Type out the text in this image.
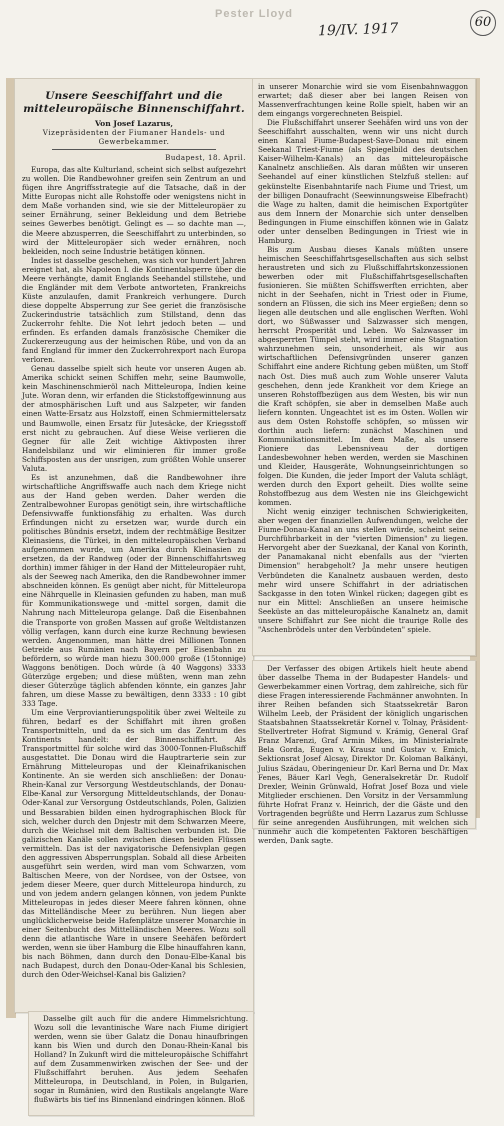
Pester Lloyd
19/IV. 1917	60
Unsere Seeschiffahrt und die mitteleuropäische Binnenschiffahrt.
Von Josef Lazarus,
Vizepräsidenten der Fiumaner Handels- und Gewerbekammer.
Budapest, 18. April.

Europa, das alte Kulturland, scheint sich selbst aufgezehrt zu wollen. Die Randbewohner greifen sein Zentrum an und fügen ihre Angriffsstrategie auf die Tatsache, daß in der Mitte Europas nicht alle Rohstoffe oder wenigstens nicht in dem Maße vorhanden sind, wie sie der Mitteleuropäer zu seiner Ernährung, seiner Bekleidung und dem Betriebe seines Gewerbes benötigt. Gelingt es — so dachte man —, die Meere abzusperren, die Seeschiffahrt zu unterbinden, so wird der Mitteleuropäer sich weder ernähren, noch bekleiden, noch seine Industrie betätigen können.

Indes ist dasselbe geschehen, was sich vor hundert Jahren ereignet hat, als Napoleon I. die Kontinentalsperre über die Meere verhängte, damit Englands Seehandel stillstehe, und die Engländer mit dem Verbote antworteten, Frankreichs Küste anzulaufen, damit Frankreich verhungere. Durch diese doppelte Absperrung zur See geriet die französische Zuckerindustrie tatsächlich zum Stillstand, denn das Zuckerrohr fehlte. Die Not lehrt jedoch beten — und erfinden. Es erfanden damals französische Chemiker die Zuckererzeugung aus der heimischen Rübe, und von da an fand England für immer den Zuckerrohrexport nach Europa verloren.

Genau dasselbe spielt sich heute vor unseren Augen ab. Amerika schickt seinen Schiffen mehr, seine Baumwolle, kein Maschinenschmieröl nach Mitteleuropa, Indien keine Jute. Woran denn, wir erfanden die Stickstoffgewinnung aus der atmosphärischen Luft und aus Salzpeter, wir fanden einen Watte-Ersatz aus Holzstoff, einen Schmiermittelersatz und Baumwolle, einen Ersatz für Jutesäcke, der Kriegsstoff erst nicht zu gebrauchen. Auf diese Weise verlieren die Gegner für alle Zeit wichtige Aktivposten ihrer Handelsbilanz und wir eliminieren für immer große Schiffsposten aus der unsrigen, zum größten Wohle unserer Valuta.

Es ist anzunehmen, daß die Randbewohner ihre wirtschaftliche Angriffswaffe auch nach dem Kriege nicht aus der Hand geben werden. Daher werden die Zentralbewohner Europas genötigt sein, ihre wirtschaftliche Defensivwaffe funktionsfähig zu erhalten. Was durch Erfindungen nicht zu ersetzen war, wurde durch ein politisches Bündnis ersetzt, indem der rechtmäßige Besitzer Kleinasiens, die Türkei, in den mitteleuropäischen Verband aufgenommen wurde, um Amerika durch Kleinasien zu ersetzen, da der Randweg (oder der Binnenschiffahrtsweg dorthin) immer fähiger in der Hand der Mitteleuropäer ruht, als der Seeweg nach Amerika, den die Randbewohner immer abschneiden können. Es genügt aber nicht, für Mitteleuropa eine Nährquelle in Kleinasien gefunden zu haben, man muß für Kommunikationswege und -mittel sorgen, damit die Nahrung nach Mitteleuropa gelange. Daß die Eisenbahnen die Transporte von großen Massen auf große Weltdistanzen völlig verfagen, kann durch eine kurze Rechnung bewiesen werden. Angenommen, man hätte drei Millionen Tonnen Getreide aus Rumänien nach Bayern per Eisenbahn zu befördern, so würde man hiezu 300.000 große (15tonnige) Waggons benötigen. Doch würde (à 40 Waggons) 3333 Güterzüge ergeben; und diese müßten, wenn man zehn dieser Güterzüge täglich abfenden könnte, ein ganzes Jahr fahren, um diese Masse zu bewältigen, denn 3333 : 10 gibt 333 Tage.

Um eine Verproviantierungspolitik über zwei Welteile zu führen, bedarf es der Schiffahrt mit ihren großen Transportmitteln, und da es sich um das Zentrum des Kontinents handelt: der Binnenschiffahrt. Als Transportmittel für solche wird das 3000-Tonnen-Flußschiff ausgestattet. Die Donau wird die Hauptrarterie sein zur Ernährung Mitteleuropas und der Kleinafrikanischen Kontinente. An sie werden sich anschließen: der Donau-Rhein-Kanal zur Versorgung Westdeutschlands, der Donau-Elbe-Kanal zur Versorgung Mitteldeutschlands, der Donau-Oder-Kanal zur Versorgung Ostdeutschlands, Polen, Galizien und Bessarabien bilden einen hydrographischen Block für sich, welcher durch den Dnjestr mit dem Schwarzen Meere, durch die Weichsel mit dem Baltischen verbunden ist. Die galizischen Kanäle sollen zwischen diesen beiden Flüssen vermitteln. Das ist der navigatorische Defensivplan gegen den aggressiven Absperrungsplan. Sobald all diese Arbeiten ausgeführt sein werden, wird man vom Schwarzen, vom Baltischen Meere, von der Nordsee, von der Ostsee, von jedem dieser Meere, quer durch Mitteleuropa hindurch, zu und von jedem andern gelangen können, von jedem Punkte Mitteleuropas in jedes dieser Meere fahren können, ohne das Mittelländische Meer zu berühren. Nun liegen aber unglücklicherweise beide Hafenplätze unserer Monarchie in einer Seitenbucht des Mittelländischen Meeres. Wozu soll denn die atlantische Ware in unsere Seehäfen befördert werden, wenn sie über Hamburg die Elbe hinauffahren kann, bis nach Böhmen, dann durch den Donau-Elbe-Kanal bis nach Budapest, durch den Donau-Oder-Kanal bis Schlesien, durch den Oder-Weichsel-Kanal bis Galizien?

in unserer Monarchie wird sie vom Eisenbahnwaggon erwartet; daß dieser aber bei langen Reisen von Massenverfrachtungen keine Rolle spielt, haben wir an dem eingangs vorgerechneten Beispiel.

Die Flußschiffahrt unserer Seehäfen wird uns von der Seeschiffahrt ausschalten, wenn wir uns nicht durch einen Kanal Fiume-Budapest-Save-Donau mit einem Seekanal Triest-Fiume (als Spiegelbild des deutschen Kaiser-Wilhelm-Kanals) an das mitteleuropäische Kanalnetz anschließen. Als daran müßten wir unseren Seehandel auf einer künstlichen Stelzfuß stellen: auf gekünstelte Eisenbahntarife nach Fiume und Triest, um der billigen Donaufracht (Seewinnungsweise Elbefracht) die Wage zu halten, damit die heimischen Exportgüter aus dem Innern der Monarchie sich unter denselben Bedingungen in Fiume einschiffen können wie in Galatz oder unter denselben Bedingungen in Triest wie in Hamburg.

Bis zum Ausbau dieses Kanals müßten unsere heimischen Seeschiffahrtsgesellschaften aus sich selbst heraustreten und sich zu Flußschiffahrtskonzessionen bewerben oder mit Flußschiffahrtsgesellschaften fusionieren. Sie müßten Schiffswerften errichten, aber nicht in der Seehafen, nicht in Triest oder in Fiume, sondern an Flüssen, die sich ins Meer ergießen; denn so liegen alle deutschen und alle englischen Werften. Wohl dort, wo Süßwasser und Salzwasser sich mengen, herrscht Prosperität und Leben. Wo Salzwasser im abgesperrten Tümpel steht, wird immer eine Stagnation wahrzunehmen sein, unsonderheit, als wir aus wirtschaftlichen Defensivgründen unserer ganzen Schiffahrt eine andere Richtung geben müßten, um Stoff nach Ost. Dies muß auch zum Wohle unserer Valuta geschehen, denn jede Krankheit vor dem Kriege an unseren Rohstoffbezügen aus dem Westen, bis wir nun die Kraft schöpfen, sie aber in demselben Maße auch liefern konnten. Ungeachtet ist es im Osten. Wollen wir aus dem Osten Rohstoffe schöpfen, so müssen wir dorthin auch liefern: zunächst Maschinen und Kommunikationsmittel. Im dem Maße, als unsere Pioniere das Lebensniveau der dortigen Landesbewohner heben werden, werden sie Maschinen und Kleider, Hausgeräte, Wohnungseinrichtungen so folgen. Die Kunden, die jeder Import der Valuta schlägt, werden durch den Export geheilt. Dies wollte seine Rohstoffbezug aus dem Westen nie ins Gleichgewicht kommen.

Nicht wenig einziger technischen Schwierigkeiten, aber wegen der finanziellen Aufwendungen, welche der Fiume-Donau-Kanal an uns stellen würde, scheint seine Durchführbarkeit in der "vierten Dimension" zu liegen. Hervorgeht aber der Suezkanal, der Kanal von Korinth, der Panamakanal nicht ebenfalls aus der "vierten Dimension" herabgeholt? Ja mehr unsere heutigen Verbündeten die Kanalnetz ausbauen werden, desto mehr wird unsere Schiffahrt in der adriatischen Sackgasse in den toten Winkel rücken; dagegen gibt es nur ein Mittel: Anschließen an unsere heimische Seeküste an das mitteleuropäische Kanalnetz an, damit unsere Schiffahrt zur See nicht die traurige Rolle des "Aschenbrödels unter den Verbündeten" spiele.

Der Verfasser des obigen Artikels hielt heute abend über dasselbe Thema in der Budapester Handels- und Gewerbekammer einen Vortrag, dem zahlreiche, sich für diese Fragen interessierende Fachmänner anwohnten. In ihrer Reihen befanden sich Staatssekretär Baron Wilhelm Leeb, der Präsident der königlich ungarischen Staatsbahnen Staatssekretär Kornel v. Tolnay, Präsident-Stellvertreter Hofrat Sigmund v. Krámig, General Graf Franz Marenzi, Graf Armin Mikes, im Ministerialrate Bela Gorda, Eugen v. Krausz und Gustav v. Emich, Sektionsrat Josef Alcsay, Direktor Dr. Koloman Balkányi, Julius Szádau, Oberingenieur Dr. Karl Berna und Dr. Max Fenes, Bäuer Karl Vegh, Generalsekretär Dr. Rudolf Drexler, Weinin Grünwald, Hofrat Josef Boza und viele Mitglieder erschienen. Den Vorsitz in der Versammlung führte Hofrat Franz v. Heinrich, der die Gäste und den Vortragenden begrüßte und Herrn Lazarus zum Schlusse für seine anregenden Ausführungen, mit welchen sich nunmehr auch die kompetenten Faktoren beschäftigen werden, Dank sagte.

Dasselbe gilt auch für die andere Himmelsrichtung. Wozu soll die levantinische Ware nach Fiume dirigiert werden, wenn sie über Galatz die Donau hinaufbringen kann bis Wien und durch den Donau-Rhein-Kanal bis Holland? In Zukunft wird die mitteleuropäische Schiffahrt auf dem Zusammenwirken zwischen der See- und der Flußschiffahrt beruhen. Aus jedem Seehafen Mitteleuropa, in Deutschland, in Polen, in Bulgarien, sogar in Rumänien, wird den Rustikals angelangte Ware flußwärts bis tief ins Binnenland eindringen können. Bloß
